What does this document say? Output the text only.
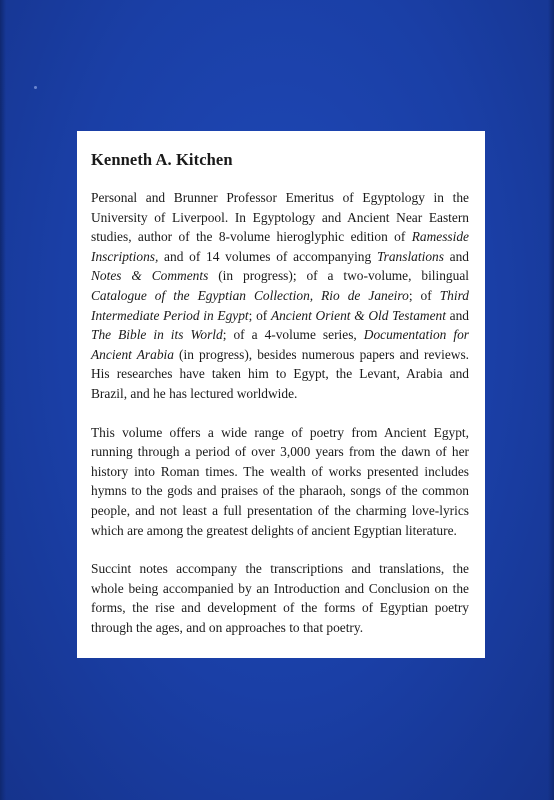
Kenneth A. Kitchen

Personal and Brunner Professor Emeritus of Egyptology in the University of Liverpool. In Egyptology and Ancient Near Eastern studies, author of the 8-volume hieroglyphic edition of Ramesside Inscriptions, and of 14 volumes of accompanying Translations and Notes & Comments (in progress); of a two-volume, bilingual Catalogue of the Egyptian Collection, Rio de Janeiro; of Third Intermediate Period in Egypt; of Ancient Orient & Old Testament and The Bible in its World; of a 4-volume series, Documentation for Ancient Arabia (in progress), besides numerous papers and reviews. His researches have taken him to Egypt, the Levant, Arabia and Brazil, and he has lectured worldwide.

This volume offers a wide range of poetry from Ancient Egypt, running through a period of over 3,000 years from the dawn of her history into Roman times. The wealth of works presented includes hymns to the gods and praises of the pharaoh, songs of the common people, and not least a full presentation of the charming love-lyrics which are among the greatest delights of ancient Egyptian literature.

Succint notes accompany the transcriptions and translations, the whole being accompanied by an Introduction and Conclusion on the forms, the rise and development of the forms of Egyptian poetry through the ages, and on approaches to that poetry.
